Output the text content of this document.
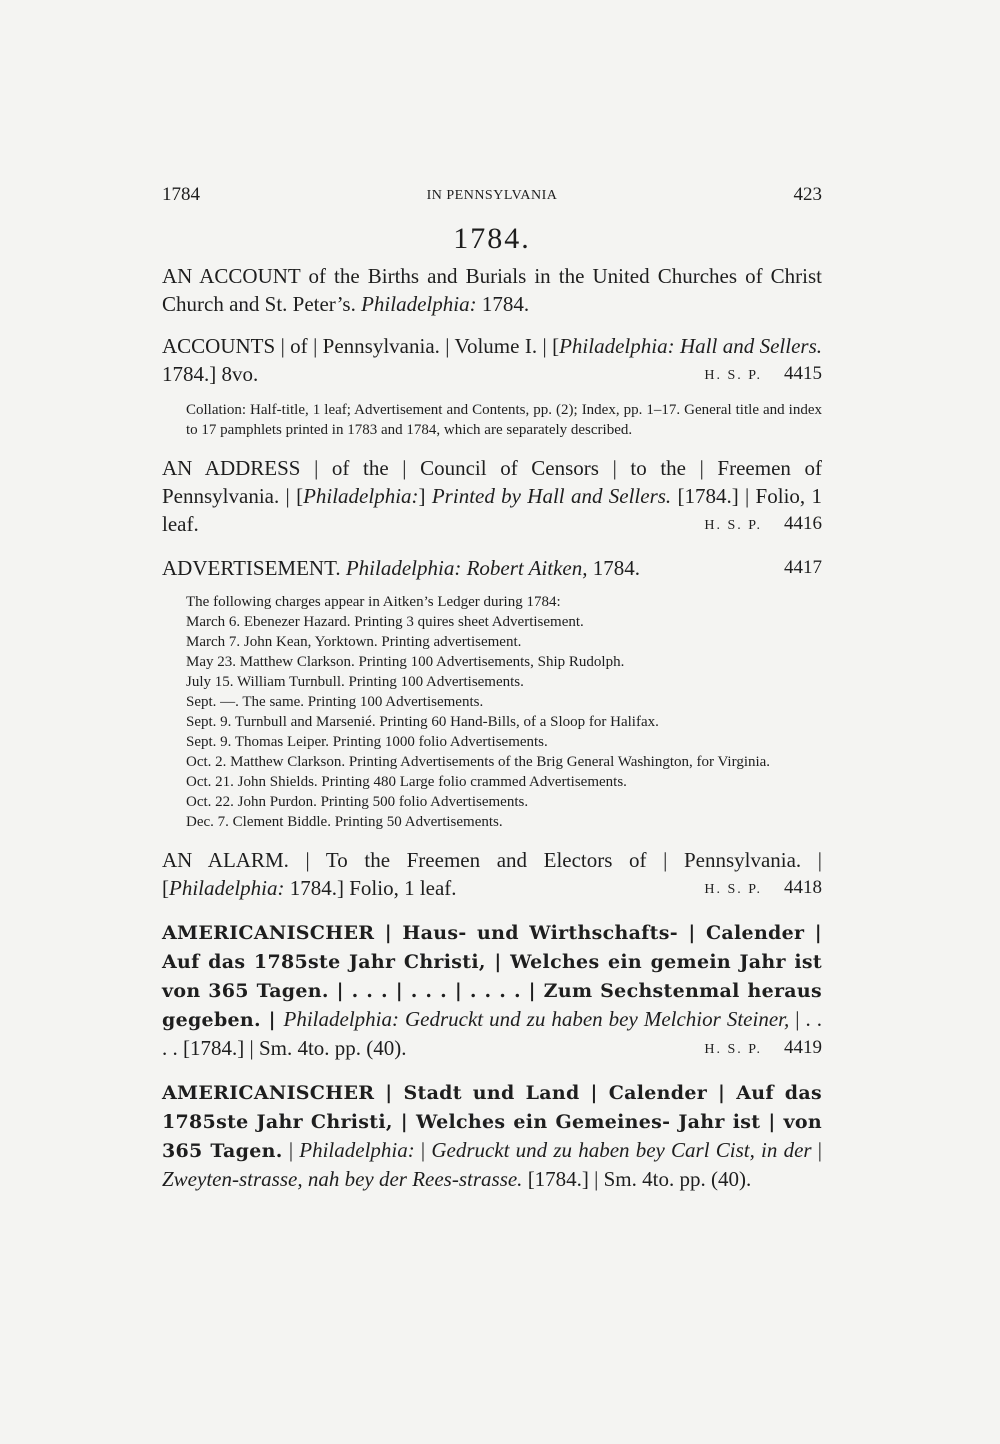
1784	IN PENNSYLVANIA	423
1784.
AN ACCOUNT of the Births and Burials in the United Churches of Christ Church and St. Peter’s. Philadelphia: 1784.
ACCOUNTS | of | Pennsylvania. | Volume I. | [Philadelphia: Hall and Sellers. 1784.] 8vo.	H. S. P. 4415

Collation: Half-title, 1 leaf; Advertisement and Contents, pp. (2); Index, pp. 1–17. General title and index to 17 pamphlets printed in 1783 and 1784, which are separately described.

AN ADDRESS | of the | Council of Censors | to the | Freemen of Pennsylvania. | [Philadelphia:] Printed by Hall and Sellers. [1784.] | Folio, 1 leaf.	H. S. P. 4416
ADVERTISEMENT. Philadelphia: Robert Aitken, 1784.	4417

The following charges appear in Aitken’s Ledger during 1784:

March 6. Ebenezer Hazard. Printing 3 quires sheet Advertisement.

March 7. John Kean, Yorktown. Printing advertisement.

May 23. Matthew Clarkson. Printing 100 Advertisements, Ship Rudolph.

July 15. William Turnbull. Printing 100 Advertisements.

Sept. —. The same. Printing 100 Advertisements.

Sept. 9. Turnbull and Marsenié. Printing 60 Hand-Bills, of a Sloop for Halifax.

Sept. 9. Thomas Leiper. Printing 1000 folio Advertisements.

Oct. 2. Matthew Clarkson. Printing Advertisements of the Brig General Washington, for Virginia.

Oct. 21. John Shields. Printing 480 Large folio crammed Advertisements.

Oct. 22. John Purdon. Printing 500 folio Advertisements.

Dec. 7. Clement Biddle. Printing 50 Advertisements.

AN ALARM. | To the Freemen and Electors of | Pennsylvania. | [Philadelphia: 1784.] Folio, 1 leaf.	H. S. P. 4418
AMERICANISCHER | Haus- und Wirthschafts- | Calender | Auf das 1785ste Jahr Christi, | Welches ein gemein Jahr ist von 365 Tagen. | . . . | . . . | . . . . | Zum Sechstenmal heraus gegeben. | Philadelphia: Gedruckt und zu haben bey Melchior Steiner, | . . . . [1784.] | Sm. 4to. pp. (40).	H. S. P. 4419
AMERICANISCHER | Stadt und Land | Calender | Auf das 1785ste Jahr Christi, | Welches ein Gemeines- Jahr ist | von 365 Tagen. | Philadelphia: | Gedruckt und zu haben bey Carl Cist, in der | Zweyten-strasse, nah bey der Rees-strasse. [1784.] | Sm. 4to. pp. (40).
